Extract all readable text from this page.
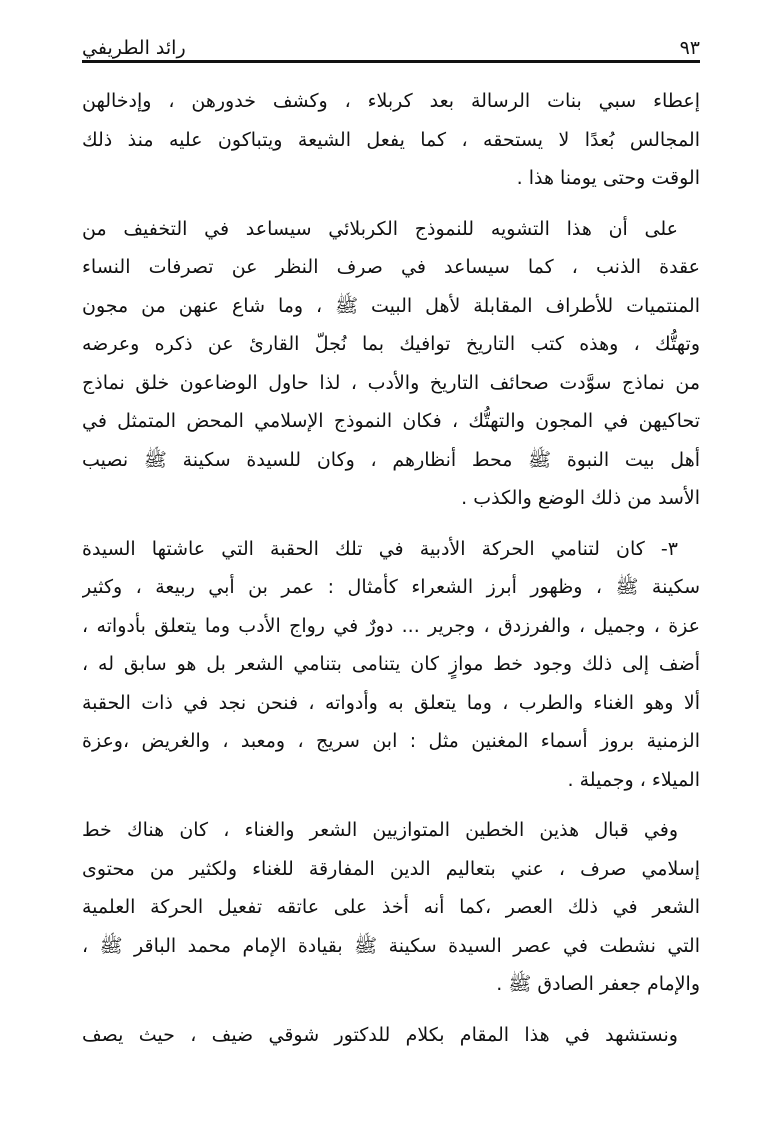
رائد الطريفي	٩٣

إعطاء سبي بنات الرسالة بعد كربلاء ، وكشف خدورهن ، وإدخالهن
المجالس بُعدًا لا يستحقه ، كما يفعل الشيعة ويتباكون عليه منذ ذلك
الوقت وحتى يومنا هذا .

على أن هذا التشويه للنموذج الكربلائي سيساعد في التخفيف من
عقدة الذنب ، كما سيساعد في صرف النظر عن تصرفات النساء
المنتميات للأطراف المقابلة لأهل البيت ﷺ ، وما شاع عنهن من مجون
وتهتُّك ، وهذه كتب التاريخ توافيك بما نُجلّ القارئ عن ذكره وعرضه
من نماذج سوَّدت صحائف التاريخ والأدب ، لذا حاول الوضاعون خلق نماذج
تحاكيهن في المجون والتهتُّك ، فكان النموذج الإسلامي المحض المتمثل في
أهل بيت النبوة ﷺ محط أنظارهم ، وكان للسيدة سكينة ﷺ نصيب
الأسد من ذلك الوضع والكذب .

٣- كان لتنامي الحركة الأدبية في تلك الحقبة التي عاشتها السيدة
سكينة ﷺ ، وظهور أبرز الشعراء كأمثال : عمر بن أبي ربيعة ، وكثير
عزة ، وجميل ، والفرزدق ، وجرير ... دورٌ في رواج الأدب وما يتعلق بأدواته ،
أضف إلى ذلك وجود خط موازٍ كان يتنامى بتنامي الشعر بل هو سابق له ،
ألا وهو الغناء والطرب ، وما يتعلق به وأدواته ، فنحن نجد في ذات الحقبة
الزمنية بروز أسماء المغنين مثل : ابن سريج ، ومعبد ، والغريض ،وعزة
الميلاء ، وجميلة .

وفي قبال هذين الخطين المتوازيين الشعر والغناء ، كان هناك خط
إسلامي صرف ، عني بتعاليم الدين المفارقة للغناء ولكثير من محتوى
الشعر في ذلك العصر ،كما أنه أخذ على عاتقه تفعيل الحركة العلمية
التي نشطت في عصر السيدة سكينة ﷺ بقيادة الإمام محمد الباقر ﷺ ،
والإمام جعفر الصادق ﷺ .

ونستشهد في هذا المقام بكلام للدكتور شوقي ضيف ، حيث يصف
